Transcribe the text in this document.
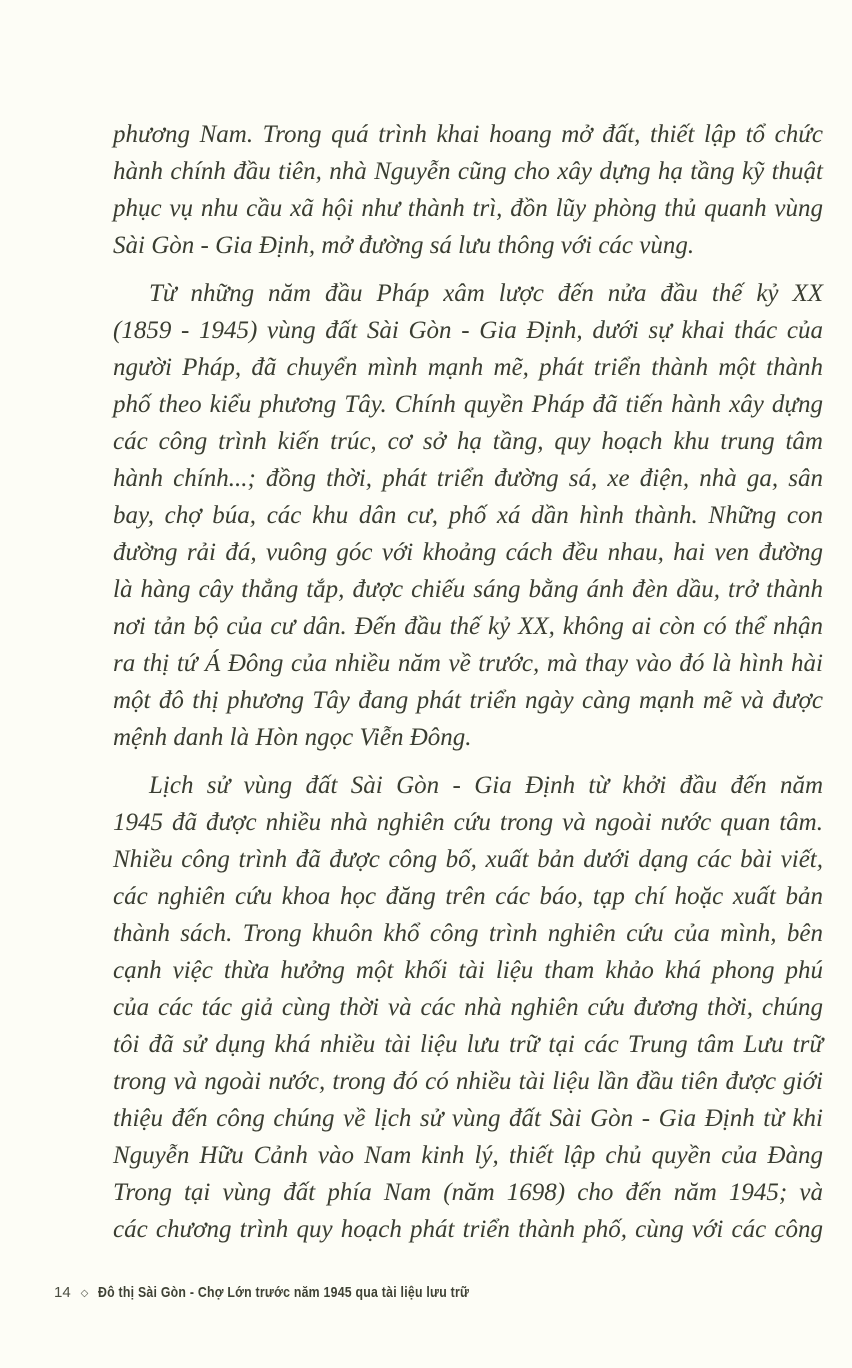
phương Nam. Trong quá trình khai hoang mở đất, thiết lập tổ chức
hành chính đầu tiên, nhà Nguyễn cũng cho xây dựng hạ tầng kỹ thuật
phục vụ nhu cầu xã hội như thành trì, đồn lũy phòng thủ quanh vùng
Sài Gòn - Gia Định, mở đường sá lưu thông với các vùng.

Từ những năm đầu Pháp xâm lược đến nửa đầu thế kỷ XX
(1859 - 1945) vùng đất Sài Gòn - Gia Định, dưới sự khai thác của
người Pháp, đã chuyển mình mạnh mẽ, phát triển thành một thành
phố theo kiểu phương Tây. Chính quyền Pháp đã tiến hành xây dựng
các công trình kiến trúc, cơ sở hạ tầng, quy hoạch khu trung tâm
hành chính...; đồng thời, phát triển đường sá, xe điện, nhà ga, sân
bay, chợ búa, các khu dân cư, phố xá dần hình thành. Những con
đường rải đá, vuông góc với khoảng cách đều nhau, hai ven đường
là hàng cây thẳng tắp, được chiếu sáng bằng ánh đèn dầu, trở thành
nơi tản bộ của cư dân. Đến đầu thế kỷ XX, không ai còn có thể nhận
ra thị tứ Á Đông của nhiều năm về trước, mà thay vào đó là hình hài
một đô thị phương Tây đang phát triển ngày càng mạnh mẽ và được
mệnh danh là Hòn ngọc Viễn Đông.

Lịch sử vùng đất Sài Gòn - Gia Định từ khởi đầu đến năm
1945 đã được nhiều nhà nghiên cứu trong và ngoài nước quan tâm.
Nhiều công trình đã được công bố, xuất bản dưới dạng các bài viết,
các nghiên cứu khoa học đăng trên các báo, tạp chí hoặc xuất bản
thành sách. Trong khuôn khổ công trình nghiên cứu của mình, bên
cạnh việc thừa hưởng một khối tài liệu tham khảo khá phong phú
của các tác giả cùng thời và các nhà nghiên cứu đương thời, chúng
tôi đã sử dụng khá nhiều tài liệu lưu trữ tại các Trung tâm Lưu trữ
trong và ngoài nước, trong đó có nhiều tài liệu lần đầu tiên được giới
thiệu đến công chúng về lịch sử vùng đất Sài Gòn - Gia Định từ khi
Nguyễn Hữu Cảnh vào Nam kinh lý, thiết lập chủ quyền của Đàng
Trong tại vùng đất phía Nam (năm 1698) cho đến năm 1945; và
các chương trình quy hoạch phát triển thành phố, cùng với các công

14 ◇ Đô thị Sài Gòn - Chợ Lớn trước năm 1945 qua tài liệu lưu trữ
